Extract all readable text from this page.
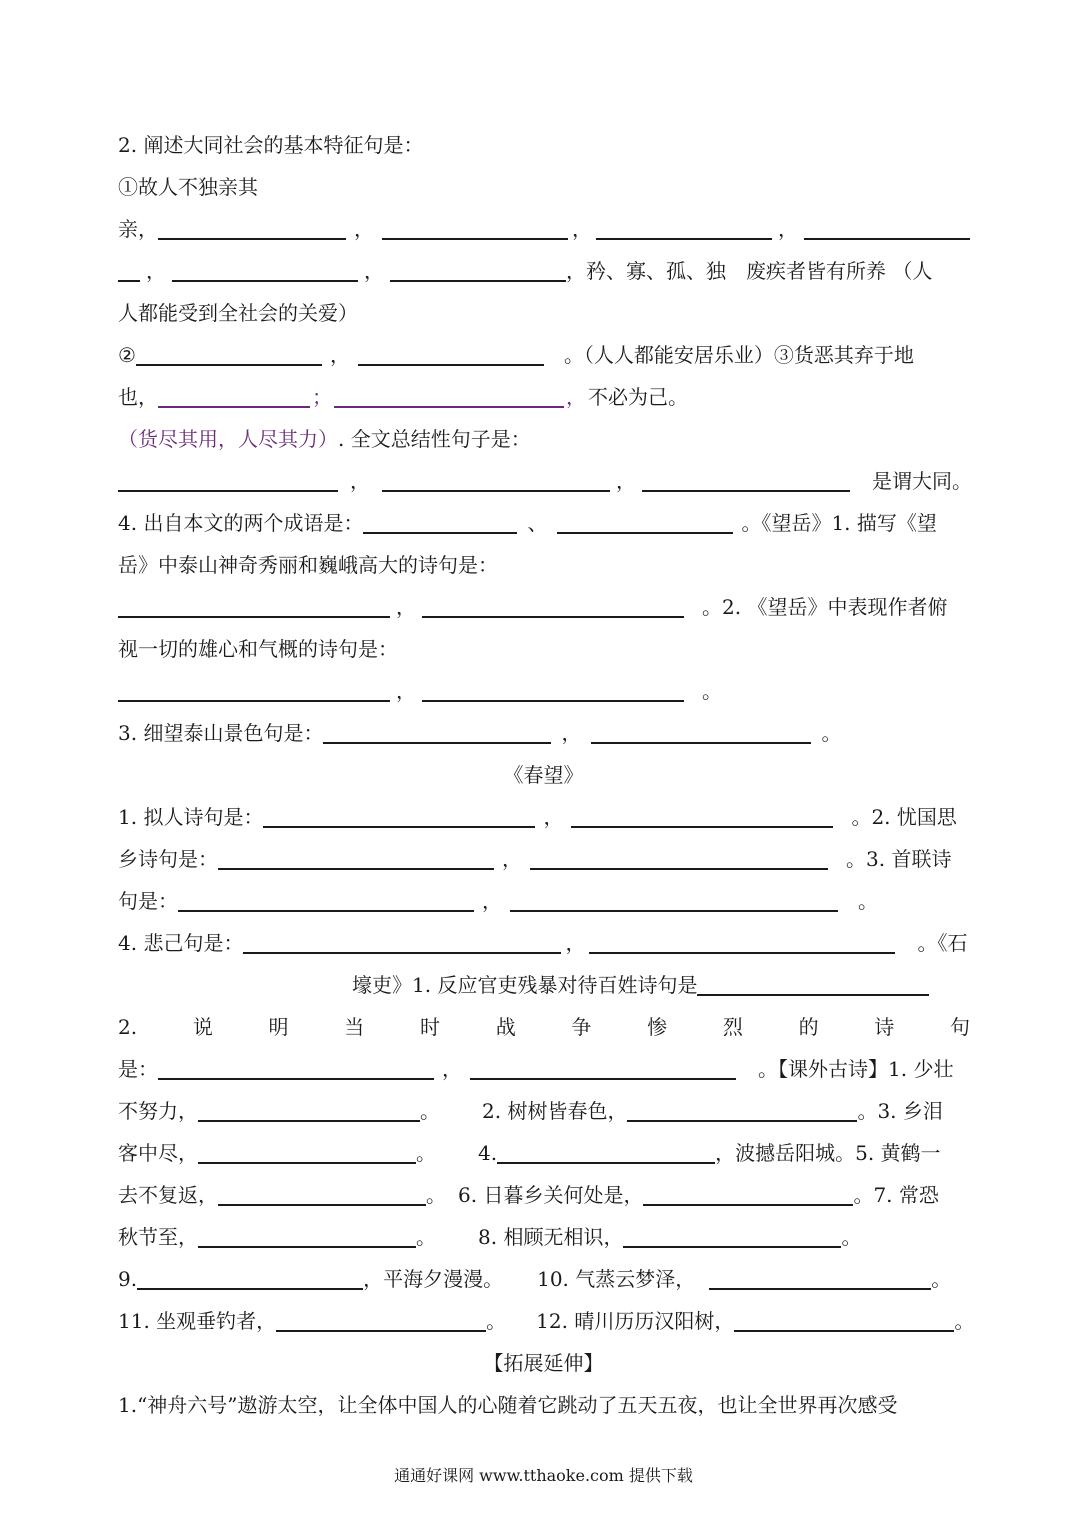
2. 阐述大同社会的基本特征句是：
①故人不独亲其
亲，	，	，	，
，	，	，矜、寡、孤、独　废疾者皆有所养 （人
人都能受到全社会的关爱）
②	，	。（人人都能安居乐业）③货恶其弃于地
也，	；	， 不必为己。
（货尽其用，人尽其力）. 全文总结性句子是：
，	，	是谓大同。
4. 出自本文的两个成语是：	、	。《望岳》1. 描写《望
岳》中泰山神奇秀丽和巍峨高大的诗句是：
，	。2. 《望岳》中表现作者俯
视一切的雄心和气概的诗句是：
，	。
3. 细望泰山景色句是：	，	。
《春望》
1. 拟人诗句是：	，	。2. 忧国思
乡诗句是：	，	。3. 首联诗
句是：	，	。
4. 悲己句是：	，	。《石
壕吏》1. 反应官吏残暴对待百姓诗句是
2.	说	明	当	时	战	争	惨	烈	的	诗	句
是：	，	。【课外古诗】1. 少壮
不努力，	。 2. 树树皆春色，	。3. 乡泪
客中尽，	。 4.	，波撼岳阳城。5. 黄鹤一
去不复返，	。 6. 日暮乡关何处是，	。7. 常恐
秋节至，	。 8. 相顾无相识，	。
9.	，平海夕漫漫。 10. 气蒸云梦泽，	。
11. 坐观垂钓者，	。 12. 晴川历历汉阳树，	。
【拓展延伸】
1.“神舟六号”遨游太空，让全体中国人的心随着它跳动了五天五夜，也让全世界再次感受
通通好课网 www.tthaoke.com 提供下载
